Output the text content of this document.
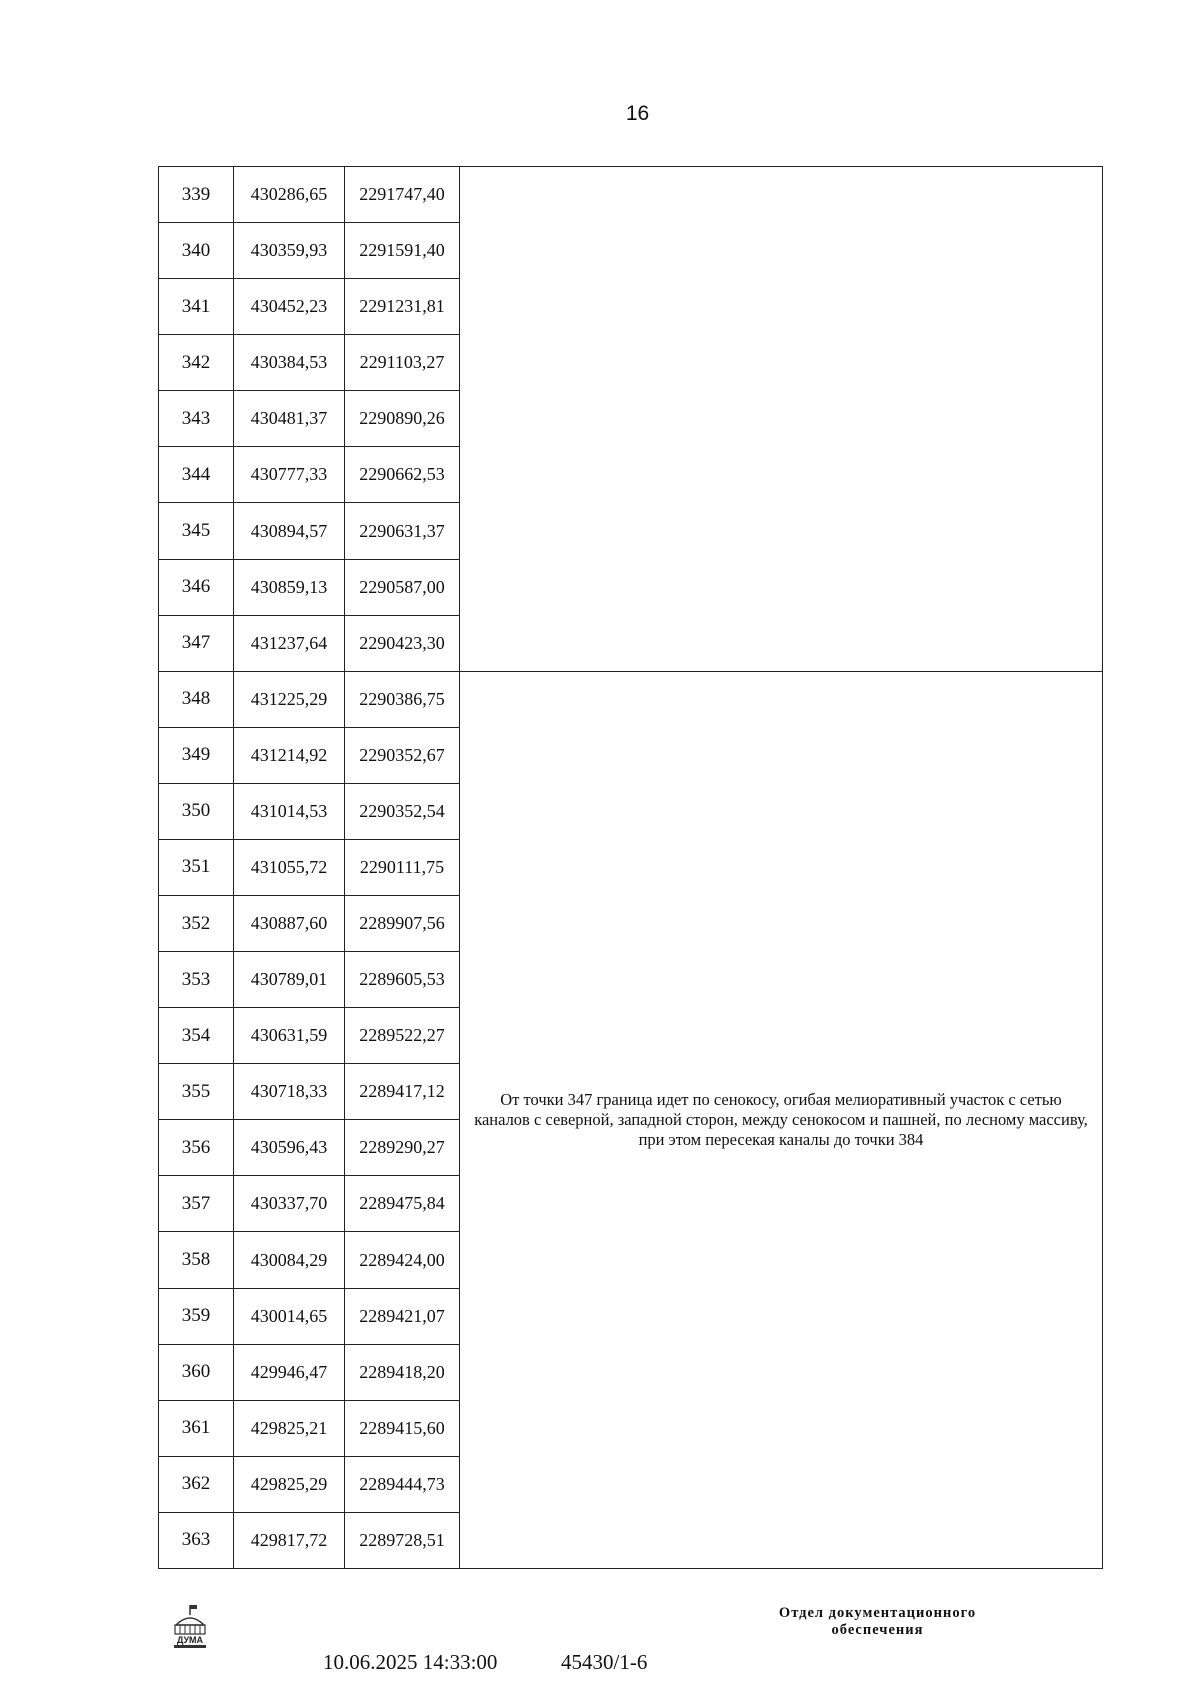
16
339	430286,65	2291747,40	
340	430359,93	2291591,40	
341	430452,23	2291231,81	
342	430384,53	2291103,27	
343	430481,37	2290890,26	
344	430777,33	2290662,53	
345	430894,57	2290631,37	
346	430859,13	2290587,00	
347	431237,64	2290423,30	
348	431225,29	2290386,75	От точки 347 граница идет по сенокосу, огибая мелиоративный участок с сетью каналов с северной, западной сторон, между сенокосом и пашней, по лесному массиву, при этом пересекая каналы до точки 384
349	431214,92	2290352,67	
350	431014,53	2290352,54	
351	431055,72	2290111,75	
352	430887,60	2289907,56	
353	430789,01	2289605,53	
354	430631,59	2289522,27	
355	430718,33	2289417,12	
356	430596,43	2289290,27	
357	430337,70	2289475,84	
358	430084,29	2289424,00	
359	430014,65	2289421,07	
360	429946,47	2289418,20	
361	429825,21	2289415,60	
362	429825,29	2289444,73	
363	429817,72	2289728,51	
ДУМА
10.06.2025 14:33:00	45430/1-6
Отдел документационного
обеспечения
